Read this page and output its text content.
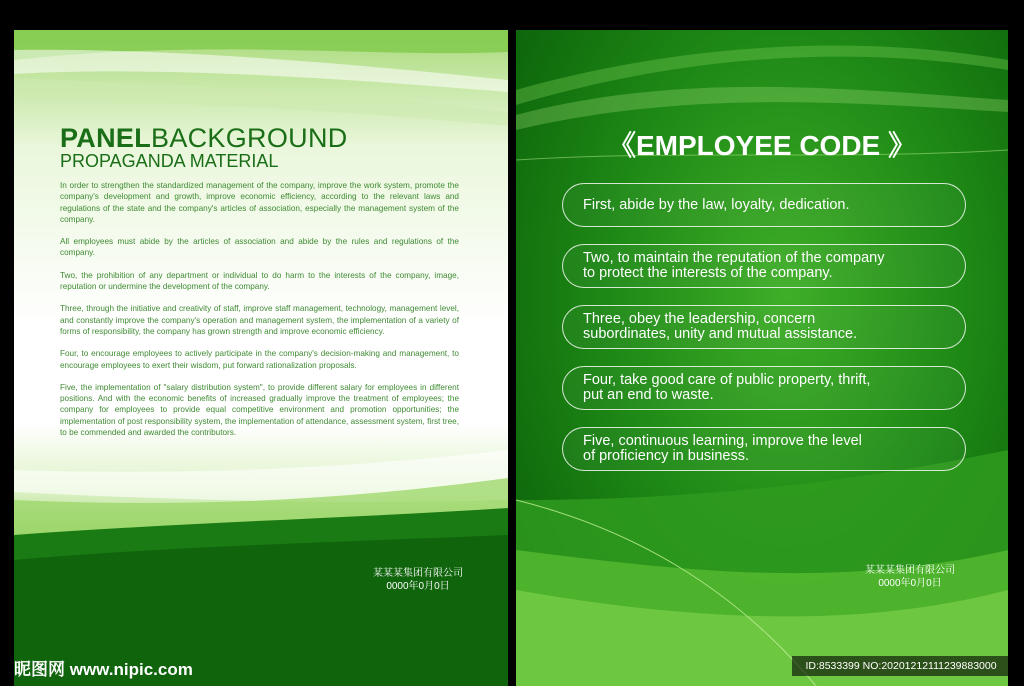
PANELBACKGROUND
PROPAGANDA MATERIAL

In order to strengthen the standardized management of the company, improve the work system, promote the company's development and growth, improve economic efficiency, according to the relevant laws and regulations of the state and the company's articles of association, especially the management system of the company.

All employees must abide by the articles of association and abide by the rules and regulations of the company.

Two, the prohibition of any department or individual to do harm to the interests of the company, image, reputation or undermine the development of the company.

Three, through the initiative and creativity of staff, improve staff management, technology, management level, and constantly improve the company's operation and management system, the implementation of a variety of forms of responsibility, the company has grown strength and improve economic efficiency.

Four, to encourage employees to actively participate in the company's decision-making and management, to encourage employees to exert their wisdom, put forward rationalization proposals.

Five, the implementation of "salary distribution system", to provide different salary for employees in different positions. And with the economic benefits of increased gradually improve the treatment of employees; the company for employees to provide equal competitive environment and promotion opportunities; the implementation of post responsibility system, the implementation of attendance, assessment system, first tree, to be commended and awarded the contributors.

某某某集团有限公司
0000年0月0日
《EMPLOYEE CODE 》
First, abide by the law, loyalty, dedication.
Two, to maintain the reputation of the company
to protect the interests of the company.
Three, obey the leadership, concern
subordinates, unity and mutual assistance.
Four, take good care of public property, thrift,
put an end to waste.
Five, continuous learning, improve the level
of proficiency in business.
某某某集团有限公司
0000年0月0日
昵图网 www.nipic.com	ID:8533399 NO:20201212111239883000
